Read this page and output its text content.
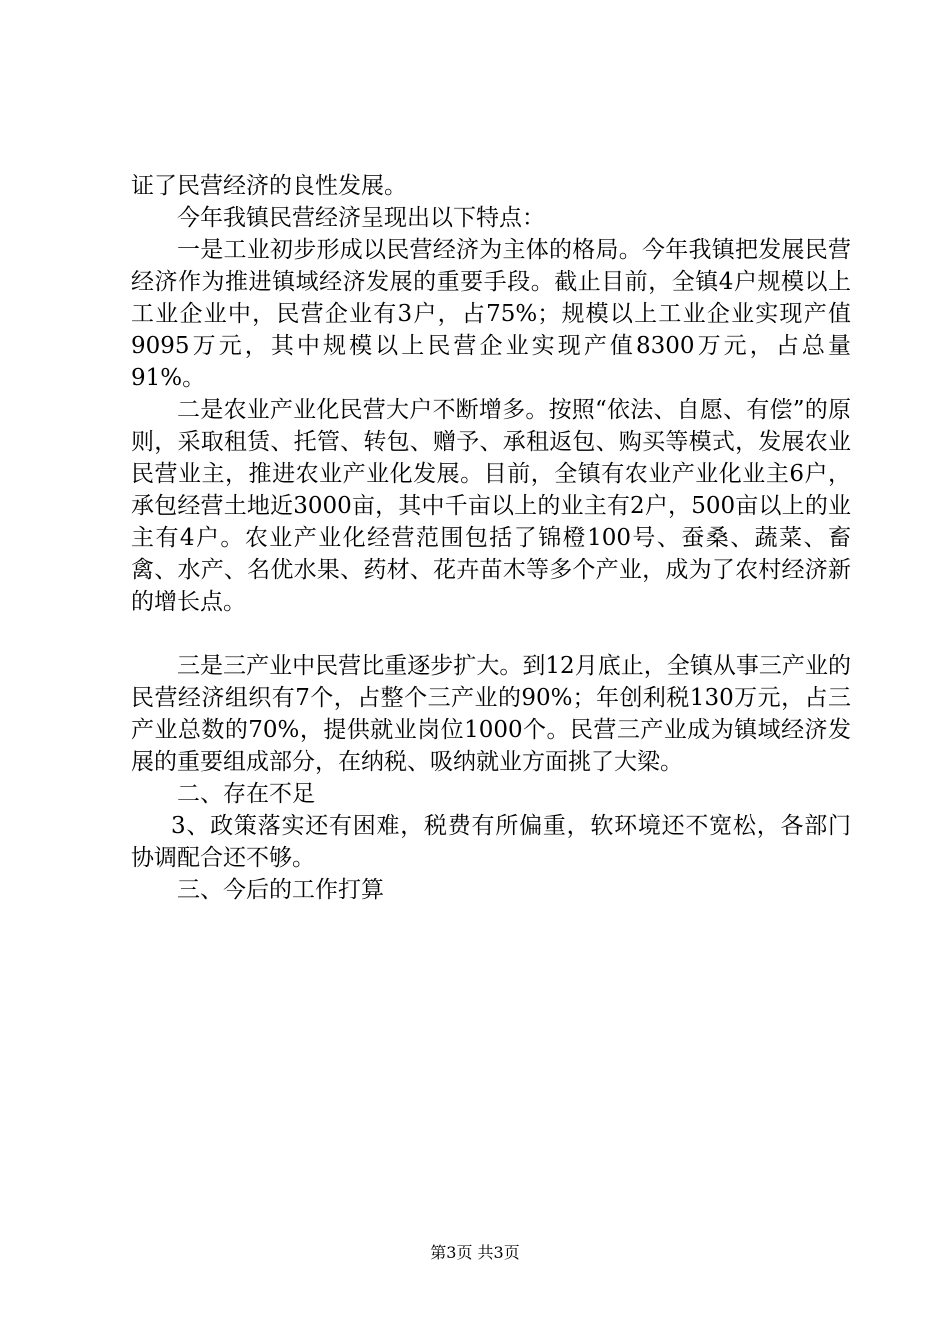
证了民营经济的良性发展。

今年我镇民营经济呈现出以下特点：

一是工业初步形成以民营经济为主体的格局。今年我镇把发展民营经济作为推进镇域经济发展的重要手段。截止目前，全镇4户规模以上工业企业中，民营企业有3户，占75%；规模以上工业企业实现产值9095万元，其中规模以上民营企业实现产值8300万元，占总量91%。

二是农业产业化民营大户不断增多。按照“依法、自愿、有偿”的原则，采取租赁、托管、转包、赠予、承租返包、购买等模式，发展农业民营业主，推进农业产业化发展。目前，全镇有农业产业化业主6户，承包经营土地近3000亩，其中千亩以上的业主有2户，500亩以上的业主有4户。农业产业化经营范围包括了锦橙100号、蚕桑、蔬菜、畜禽、水产、名优水果、药材、花卉苗木等多个产业，成为了农村经济新的增长点。

三是三产业中民营比重逐步扩大。到12月底止，全镇从事三产业的民营经济组织有7个，占整个三产业的90%；年创利税130万元，占三产业总数的70%，提供就业岗位1000个。民营三产业成为镇域经济发展的重要组成部分，在纳税、吸纳就业方面挑了大梁。

二、存在不足

3、政策落实还有困难，税费有所偏重，软环境还不宽松，各部门协调配合还不够。

三、今后的工作打算

第3页 共3页
